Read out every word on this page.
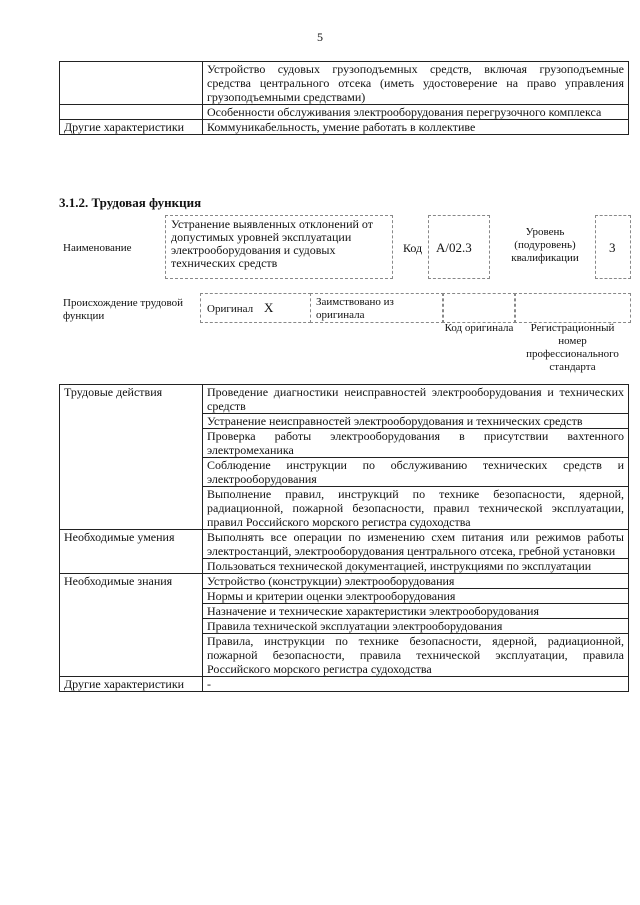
5
	Устройство судовых грузоподъемных средств, включая грузоподъемные средства центрального отсека (иметь удостоверение на право управления грузоподъемными средствами)
	Особенности обслуживания электрооборудования перегрузочного комплекса
Другие характеристики	Коммуникабельность, умение работать в коллективе
3.1.2. Трудовая функция
Наименование
Устранение выявленных отклонений от допустимых уровней эксплуатации электрооборудования и судовых технических средств
Код A/02.3
Уровень (подуровень) квалификации
3
Происхождение трудовой функции
Оригинал X	Заимствовано из оригинала
Код оригинала	Регистрационный номер профессионального стандарта
Трудовые действия	Проведение диагностики неисправностей электрооборудования и технических средств
	Устранение неисправностей электрооборудования и технических средств
	Проверка работы электрооборудования в присутствии вахтенного электромеханика
	Соблюдение инструкции по обслуживанию технических средств и электрооборудования
	Выполнение правил, инструкций по технике безопасности, ядерной, радиационной, пожарной безопасности, правил технической эксплуатации, правил Российского морского регистра судоходства
Необходимые умения	Выполнять все операции по изменению схем питания или режимов работы электростанций, электрооборудования центрального отсека, гребной установки
	Пользоваться технической документацией, инструкциями по эксплуатации
Необходимые знания	Устройство (конструкции) электрооборудования
	Нормы и критерии оценки электрооборудования
	Назначение и технические характеристики электрооборудования
	Правила технической эксплуатации электрооборудования
	Правила, инструкции по технике безопасности, ядерной, радиационной, пожарной безопасности, правила технической эксплуатации, правила Российского морского регистра судоходства
Другие характеристики	-
